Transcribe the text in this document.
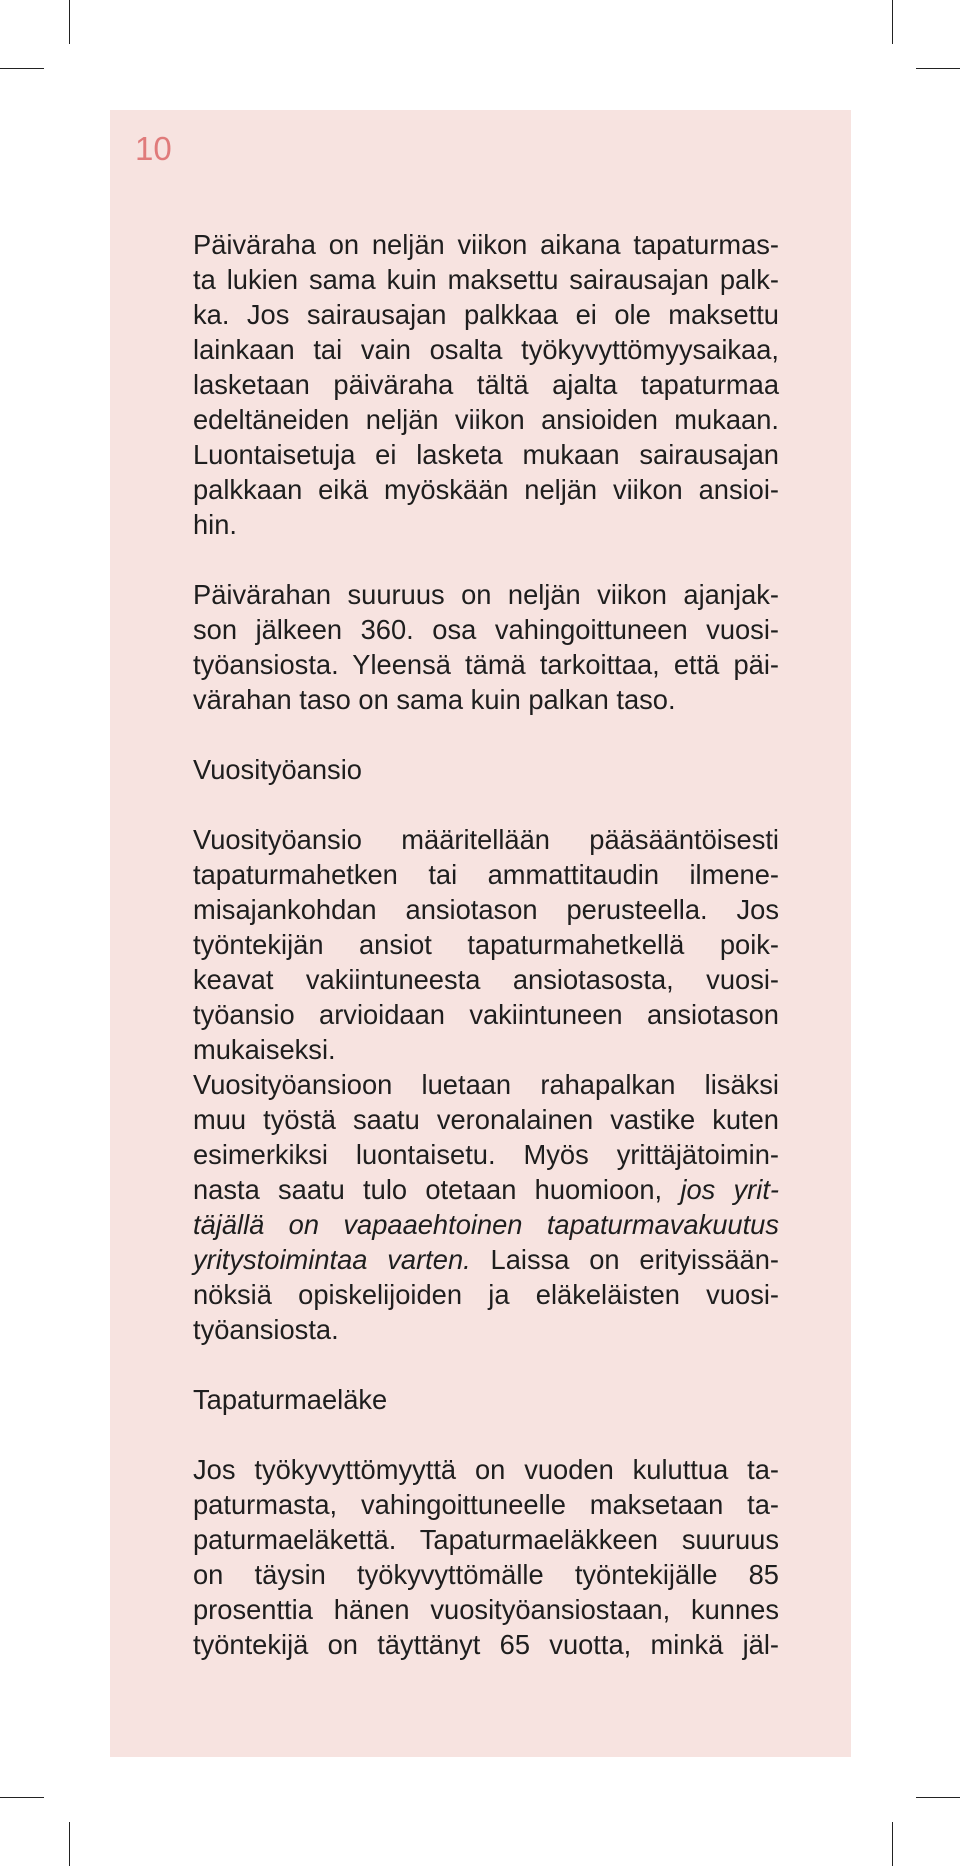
10
Päiväraha on neljän viikon aikana tapaturmas-
ta lukien sama kuin maksettu sairausajan palk-
ka. Jos sairausajan palkkaa ei ole maksettu
lainkaan tai vain osalta työkyvyttömyysaikaa,
lasketaan päiväraha tältä ajalta tapaturmaa
edeltäneiden neljän viikon ansioiden mukaan.
Luontaisetuja ei lasketa mukaan sairausajan
palkkaan eikä myöskään neljän viikon ansioi-
hin.
Päivärahan suuruus on neljän viikon ajanjak-
son jälkeen 360. osa vahingoittuneen vuosi-
työansiosta. Yleensä tämä tarkoittaa, että päi-
värahan taso on sama kuin palkan taso.
Vuosityöansio
Vuosityöansio määritellään pääsääntöisesti
tapaturmahetken tai ammattitaudin ilmene-
misajankohdan ansiotason perusteella. Jos
työntekijän ansiot tapaturmahetkellä poik-
keavat vakiintuneesta ansiotasosta, vuosi-
työansio arvioidaan vakiintuneen ansiotason
mukaiseksi.
Vuosityöansioon luetaan rahapalkan lisäksi
muu työstä saatu veronalainen vastike kuten
esimerkiksi luontaisetu. Myös yrittäjätoimin-
nasta saatu tulo otetaan huomioon, jos yrit-
täjällä on vapaaehtoinen tapaturmavakuutus
yritystoimintaa varten. Laissa on erityissään-
nöksiä opiskelijoiden ja eläkeläisten vuosi-
työansiosta.
Tapaturmaeläke
Jos työkyvyttömyyttä on vuoden kuluttua ta-
paturmasta, vahingoittuneelle maksetaan ta-
paturmaeläkettä. Tapaturmaeläkkeen suuruus
on täysin työkyvyttömälle työntekijälle 85
prosenttia hänen vuosityöansiostaan, kunnes
työntekijä on täyttänyt 65 vuotta, minkä jäl-
